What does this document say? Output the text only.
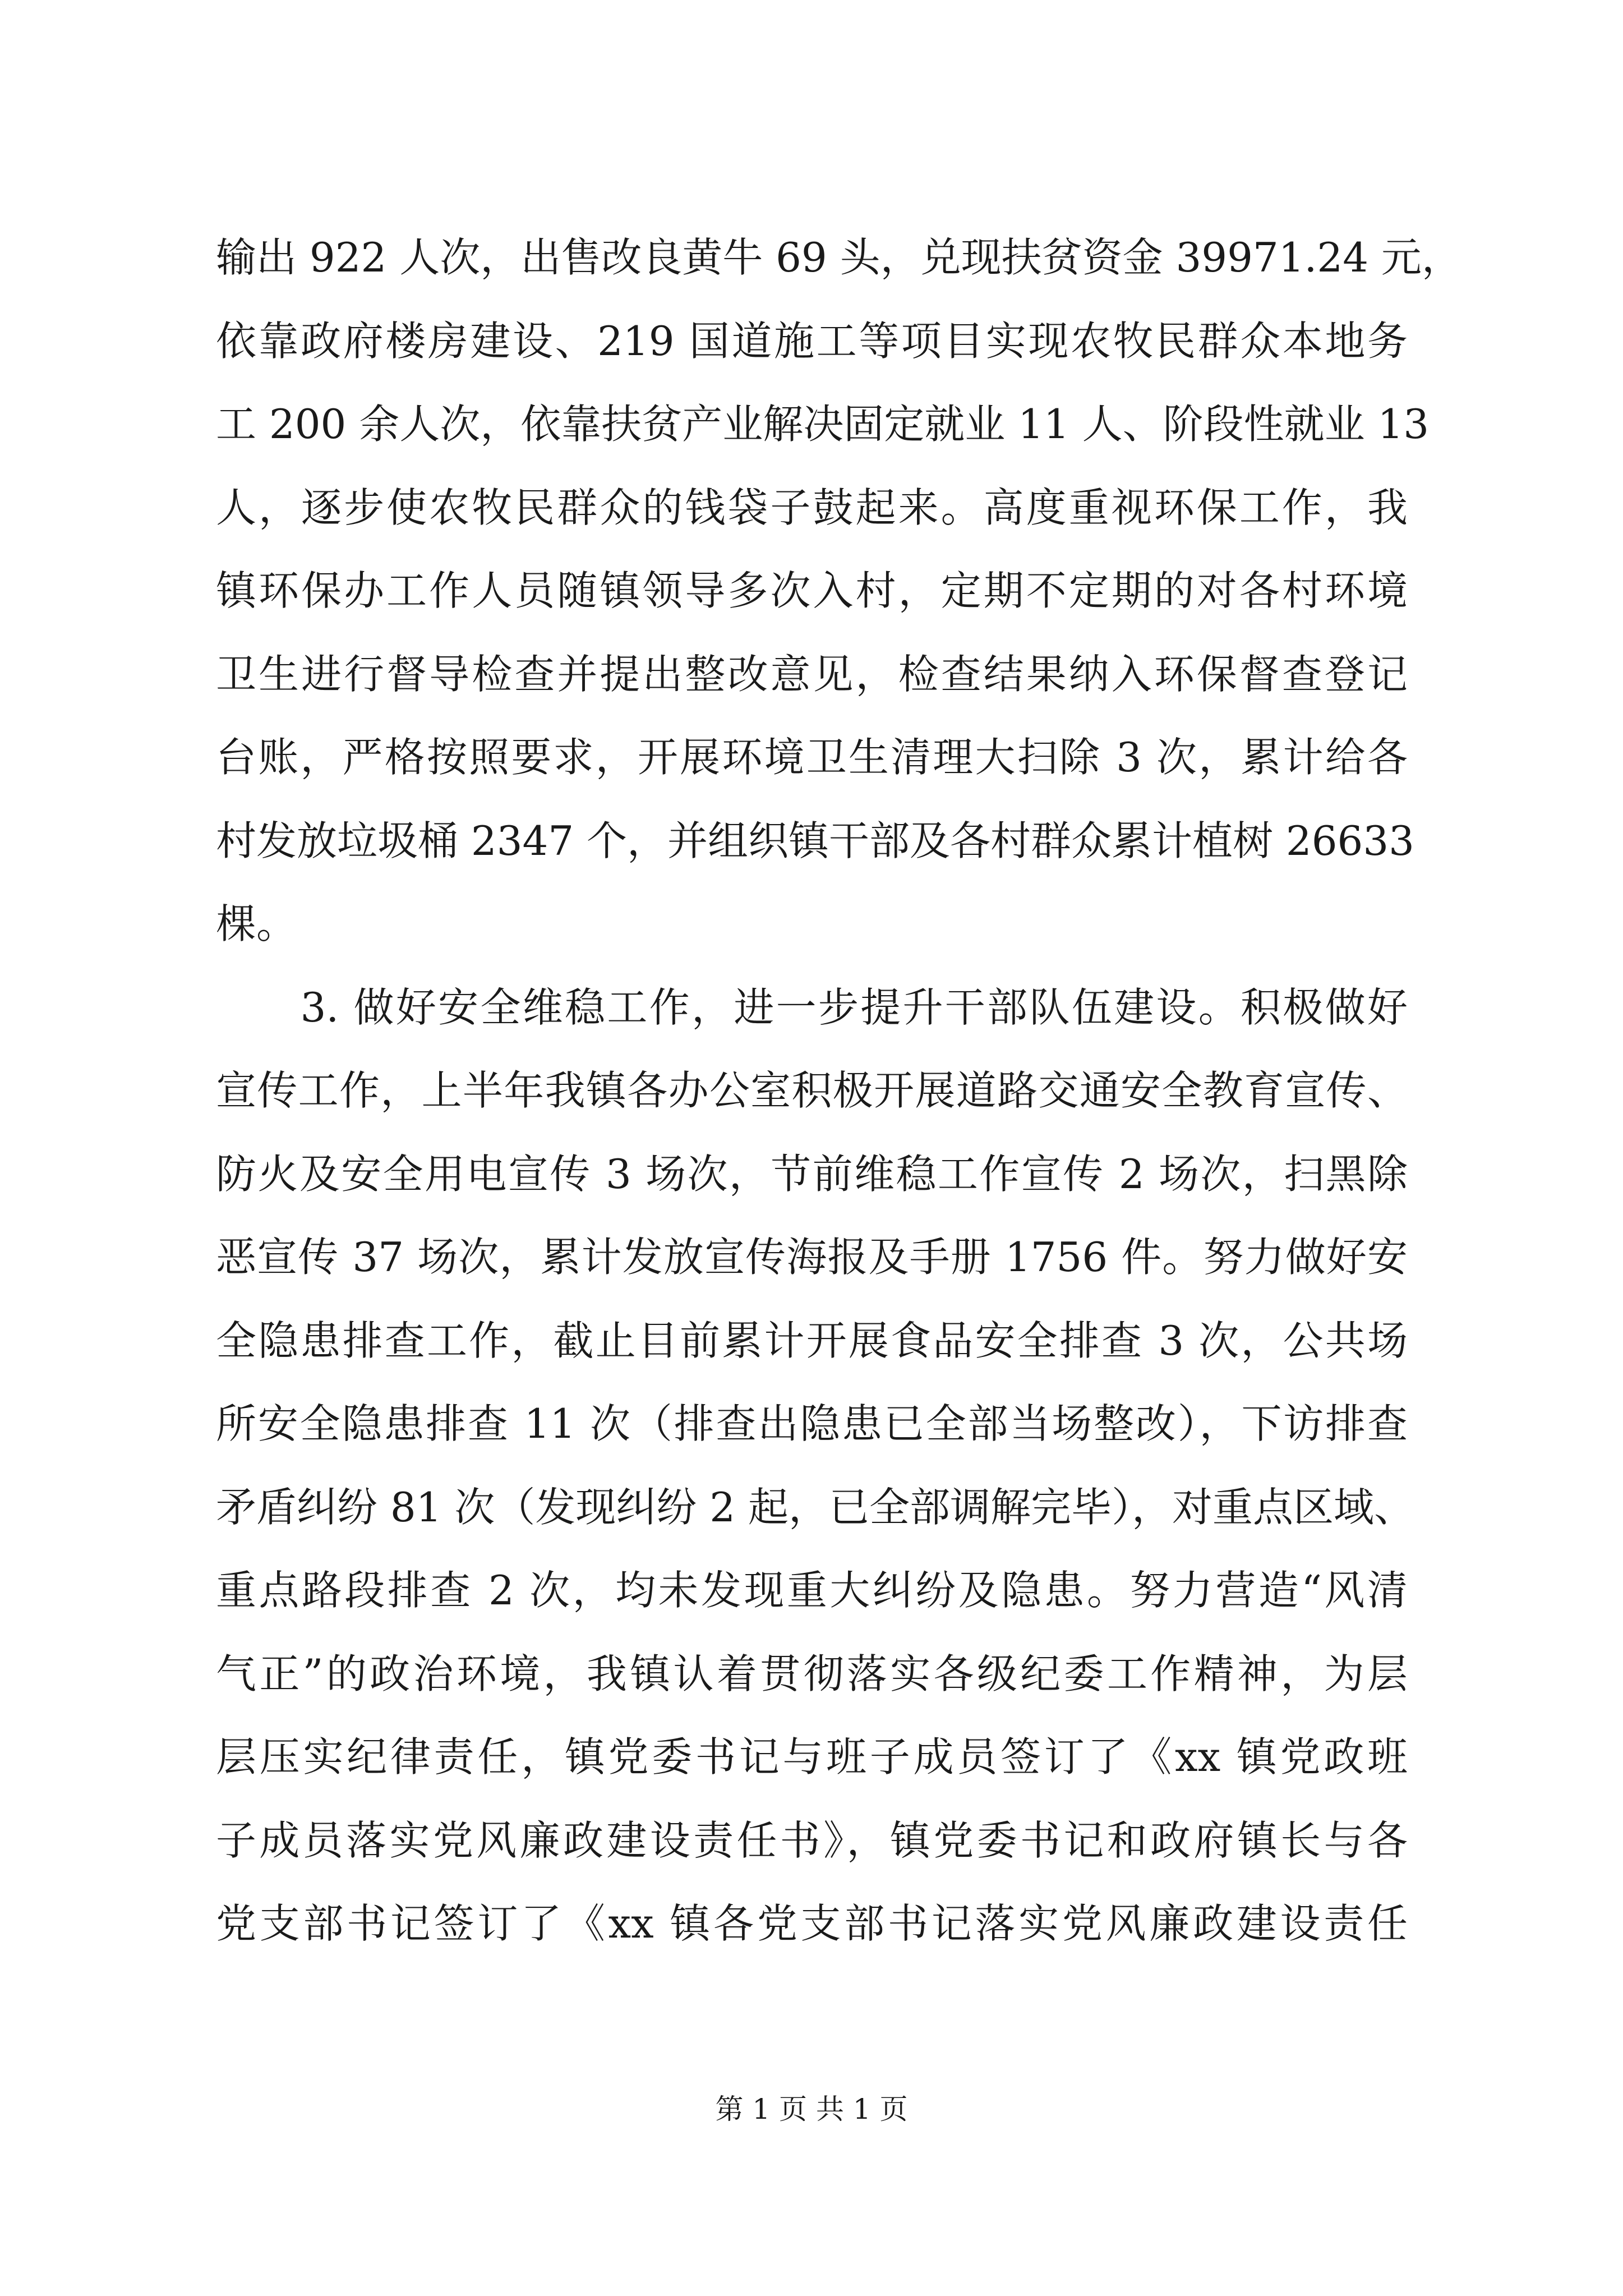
输出 922 人次，出售改良黄牛 69 头，兑现扶贫资金 39971.24 元，
依靠政府楼房建设、219 国道施工等项目实现农牧民群众本地务
工 200 余人次，依靠扶贫产业解决固定就业 11 人、阶段性就业 13
人，逐步使农牧民群众的钱袋子鼓起来。高度重视环保工作，我
镇环保办工作人员随镇领导多次入村，定期不定期的对各村环境
卫生进行督导检查并提出整改意见，检查结果纳入环保督查登记
台账，严格按照要求，开展环境卫生清理大扫除 3 次，累计给各
村发放垃圾桶 2347 个，并组织镇干部及各村群众累计植树 26633
棵。
　　3. 做好安全维稳工作，进一步提升干部队伍建设。积极做好
宣传工作，上半年我镇各办公室积极开展道路交通安全教育宣传、
防火及安全用电宣传 3 场次，节前维稳工作宣传 2 场次，扫黑除
恶宣传 37 场次，累计发放宣传海报及手册 1756 件。努力做好安
全隐患排查工作，截止目前累计开展食品安全排查 3 次，公共场
所安全隐患排查 11 次（排查出隐患已全部当场整改），下访排查
矛盾纠纷 81 次（发现纠纷 2 起，已全部调解完毕），对重点区域、
重点路段排查 2 次，均未发现重大纠纷及隐患。努力营造“风清
气正”的政治环境，我镇认着贯彻落实各级纪委工作精神，为层
层压实纪律责任，镇党委书记与班子成员签订了《xx 镇党政班
子成员落实党风廉政建设责任书》，镇党委书记和政府镇长与各
党支部书记签订了《xx 镇各党支部书记落实党风廉政建设责任
第 1 页 共 1 页
